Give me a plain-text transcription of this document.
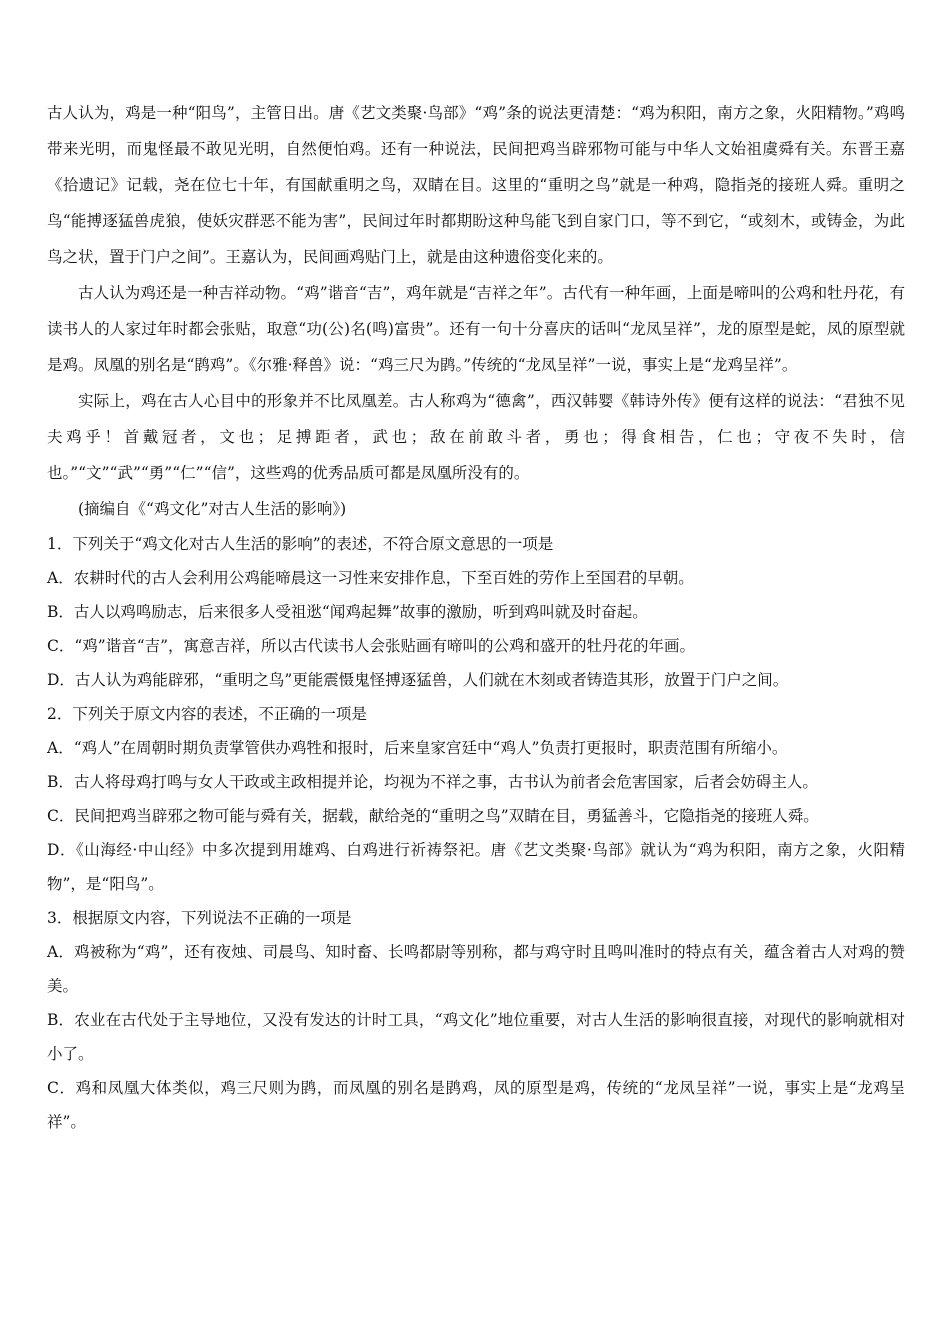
古人认为，鸡是一种“阳鸟”，主管日出。唐《艺文类聚·鸟部》“鸡”条的说法更清楚：“鸡为积阳，南方之象，火阳精物。”鸡鸣带来光明，而鬼怪最不敢见光明，自然便怕鸡。还有一种说法，民间把鸡当辟邪物可能与中华人文始祖虞舜有关。东晋王嘉《拾遗记》记载，尧在位七十年，有国献重明之鸟，双睛在目。这里的“重明之鸟”就是一种鸡，隐指尧的接班人舜。重明之鸟“能搏逐猛兽虎狼，使妖灾群恶不能为害”，民间过年时都期盼这种鸟能飞到自家门口，等不到它，“或刻木，或铸金，为此鸟之状，置于门户之间”。王嘉认为，民间画鸡贴门上，就是由这种遗俗变化来的。

古人认为鸡还是一种吉祥动物。“鸡”谐音“吉”，鸡年就是“吉祥之年”。古代有一种年画，上面是啼叫的公鸡和牡丹花，有读书人的人家过年时都会张贴，取意“功(公)名(鸣)富贵”。还有一句十分喜庆的话叫“龙凤呈祥”，龙的原型是蛇，凤的原型就是鸡。凤凰的别名是“鹍鸡”。《尔雅·释兽》说：“鸡三尺为鹍。”传统的“龙凤呈祥”一说，事实上是“龙鸡呈祥”。

实际上，鸡在古人心目中的形象并不比凤凰差。古人称鸡为“德禽”，西汉韩婴《韩诗外传》便有这样的说法：“君独不见夫鸡乎！首戴冠者，文也；足搏距者，武也；敌在前敢斗者，勇也；得食相告，仁也；守夜不失时，信也。”“文”“武”“勇”“仁”“信”，这些鸡的优秀品质可都是凤凰所没有的。

(摘编自《“鸡文化”对古人生活的影响》)

1．下列关于“鸡文化对古人生活的影响”的表述，不符合原文意思的一项是

A．农耕时代的古人会利用公鸡能啼晨这一习性来安排作息，下至百姓的劳作上至国君的早朝。

B．古人以鸡鸣励志，后来很多人受祖逖“闻鸡起舞”故事的激励，听到鸡叫就及时奋起。

C．“鸡”谐音“吉”，寓意吉祥，所以古代读书人会张贴画有啼叫的公鸡和盛开的牡丹花的年画。

D．古人认为鸡能辟邪，“重明之鸟”更能震慑鬼怪搏逐猛兽，人们就在木刻或者铸造其形，放置于门户之间。

2．下列关于原文内容的表述，不正确的一项是

A．“鸡人”在周朝时期负责掌管供办鸡牲和报时，后来皇家宫廷中“鸡人”负责打更报时，职责范围有所缩小。

B．古人将母鸡打鸣与女人干政或主政相提并论，均视为不祥之事，古书认为前者会危害国家，后者会妨碍主人。

C．民间把鸡当辟邪之物可能与舜有关，据载，献给尧的“重明之鸟”双睛在目，勇猛善斗，它隐指尧的接班人舜。

D．《山海经·中山经》中多次提到用雄鸡、白鸡进行祈祷祭祀。唐《艺文类聚·鸟部》就认为“鸡为积阳，南方之象，火阳精物”，是“阳鸟”。

3．根据原文内容，下列说法不正确的一项是

A．鸡被称为“鸡”，还有夜烛、司晨鸟、知时畜、长鸣都尉等别称，都与鸡守时且鸣叫准时的特点有关，蕴含着古人对鸡的赞美。

B．农业在古代处于主导地位，又没有发达的计时工具，“鸡文化”地位重要，对古人生活的影响很直接，对现代的影响就相对小了。

C．鸡和凤凰大体类似，鸡三尺则为鹍，而凤凰的别名是鹍鸡，凤的原型是鸡，传统的“龙凤呈祥”一说，事实上是“龙鸡呈祥”。
